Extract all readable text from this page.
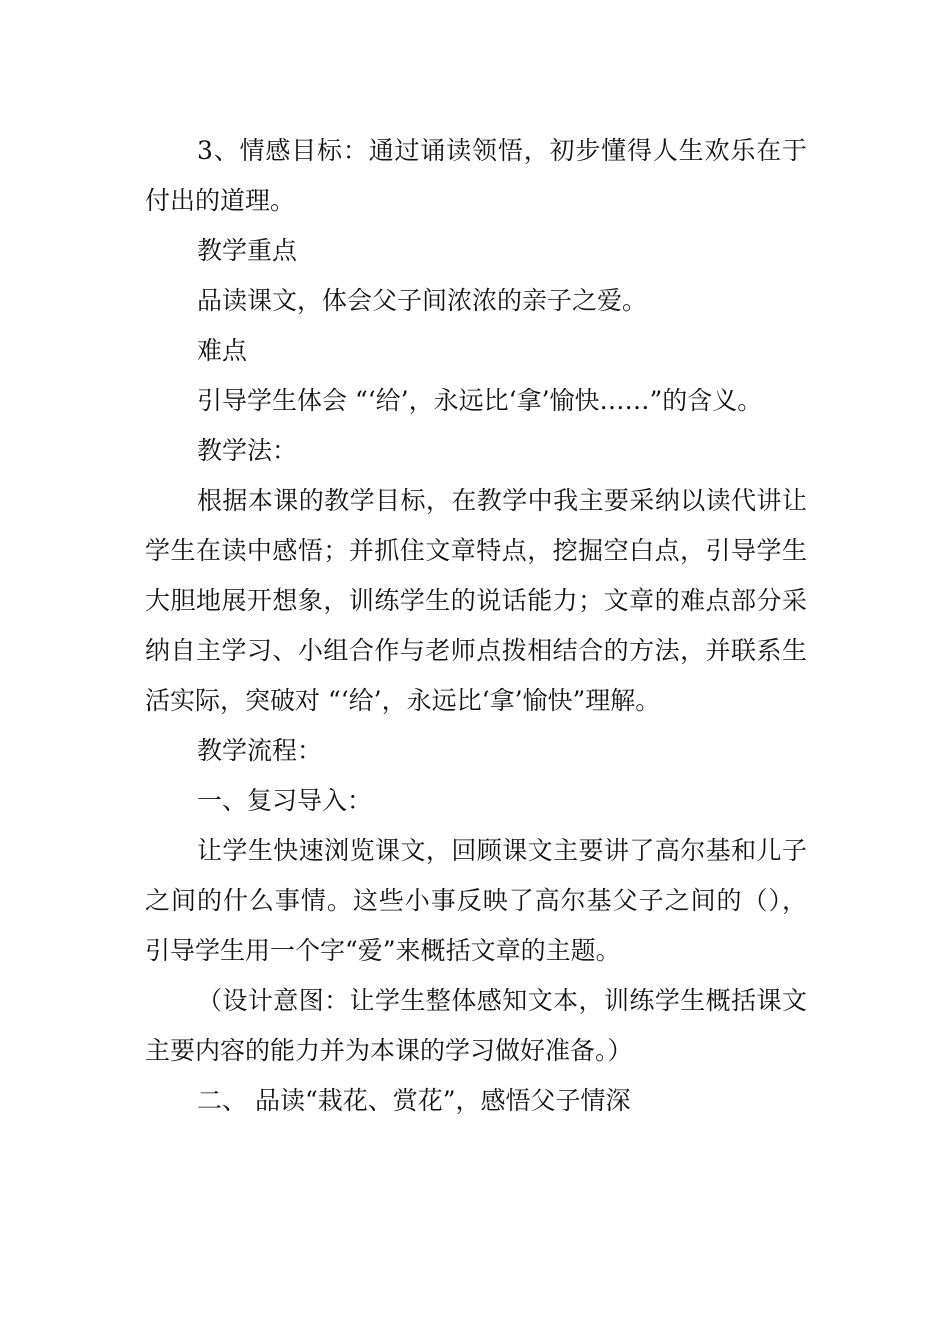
3、情感目标：通过诵读领悟，初步懂得人生欢乐在于付出的道理。

教学重点

品读课文，体会父子间浓浓的亲子之爱。

难点

引导学生体会 “‘给’，永远比‘拿’愉快……”的含义。

教学法：

根据本课的教学目标，在教学中我主要采纳以读代讲让学生在读中感悟；并抓住文章特点，挖掘空白点，引导学生大胆地展开想象，训练学生的说话能力；文章的难点部分采纳自主学习、小组合作与老师点拨相结合的方法，并联系生活实际，突破对 “‘给’，永远比‘拿’愉快”理解。

教学流程：

一、复习导入：

让学生快速浏览课文，回顾课文主要讲了高尔基和儿子之间的什么事情。这些小事反映了高尔基父子之间的（），引导学生用一个字“爱”来概括文章的主题。

（设计意图：让学生整体感知文本，训练学生概括课文主要内容的能力并为本课的学习做好准备。）

二、 品读“栽花、赏花”，感悟父子情深
